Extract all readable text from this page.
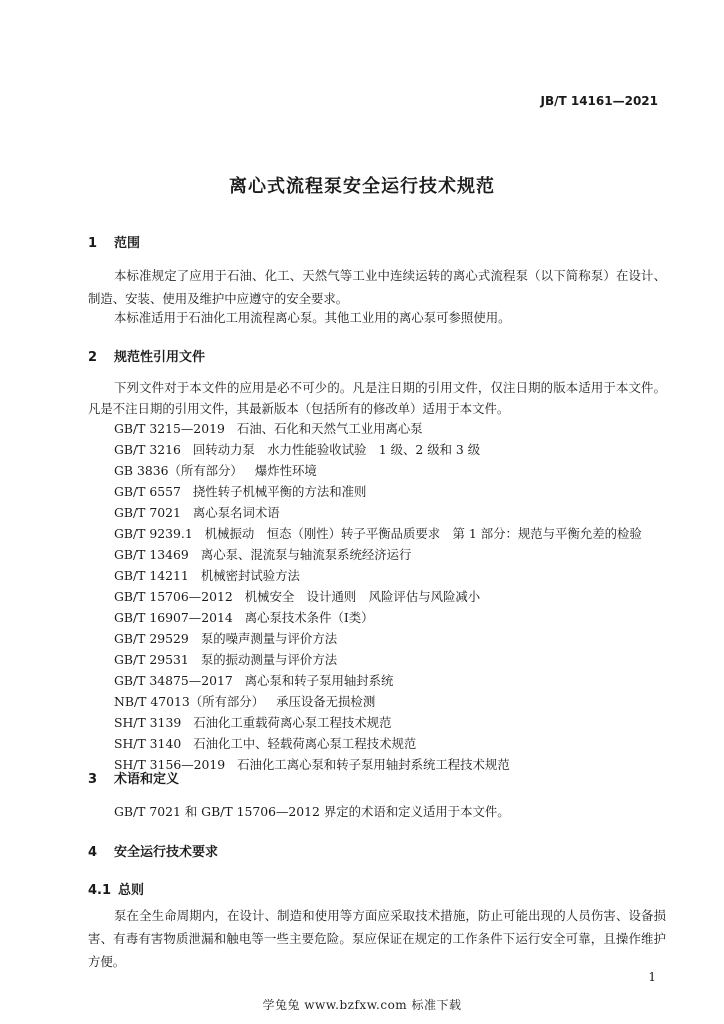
JB/T 14161—2021
离心式流程泵安全运行技术规范
1 范围
本标准规定了应用于石油、化工、天然气等工业中连续运转的离心式流程泵（以下简称泵）在设计、制造、安装、使用及维护中应遵守的安全要求。
本标准适用于石油化工用流程离心泵。其他工业用的离心泵可参照使用。
2 规范性引用文件
下列文件对于本文件的应用是必不可少的。凡是注日期的引用文件，仅注日期的版本适用于本文件。凡是不注日期的引用文件，其最新版本（包括所有的修改单）适用于本文件。
GB/T 3215—2019 石油、石化和天然气工业用离心泵
GB/T 3216 回转动力泵　水力性能验收试验　1 级、2 级和 3 级
GB 3836（所有部分） 爆炸性环境
GB/T 6557 挠性转子机械平衡的方法和准则
GB/T 7021 离心泵名词术语
GB/T 9239.1 机械振动　恒态（刚性）转子平衡品质要求　第 1 部分：规范与平衡允差的检验
GB/T 13469 离心泵、混流泵与轴流泵系统经济运行
GB/T 14211 机械密封试验方法
GB/T 15706—2012 机械安全　设计通则　风险评估与风险减小
GB/T 16907—2014 离心泵技术条件（Ⅰ类）
GB/T 29529 泵的噪声测量与评价方法
GB/T 29531 泵的振动测量与评价方法
GB/T 34875—2017 离心泵和转子泵用轴封系统
NB/T 47013（所有部分） 承压设备无损检测
SH/T 3139 石油化工重载荷离心泵工程技术规范
SH/T 3140 石油化工中、轻载荷离心泵工程技术规范
SH/T 3156—2019 石油化工离心泵和转子泵用轴封系统工程技术规范
3 术语和定义
GB/T 7021 和 GB/T 15706—2012 界定的术语和定义适用于本文件。
4 安全运行技术要求
4.1 总则
泵在全生命周期内，在设计、制造和使用等方面应采取技术措施，防止可能出现的人员伤害、设备损害、有毒有害物质泄漏和触电等一些主要危险。泵应保证在规定的工作条件下运行安全可靠，且操作维护方便。
1
学兔兔 www.bzfxw.com 标准下载
